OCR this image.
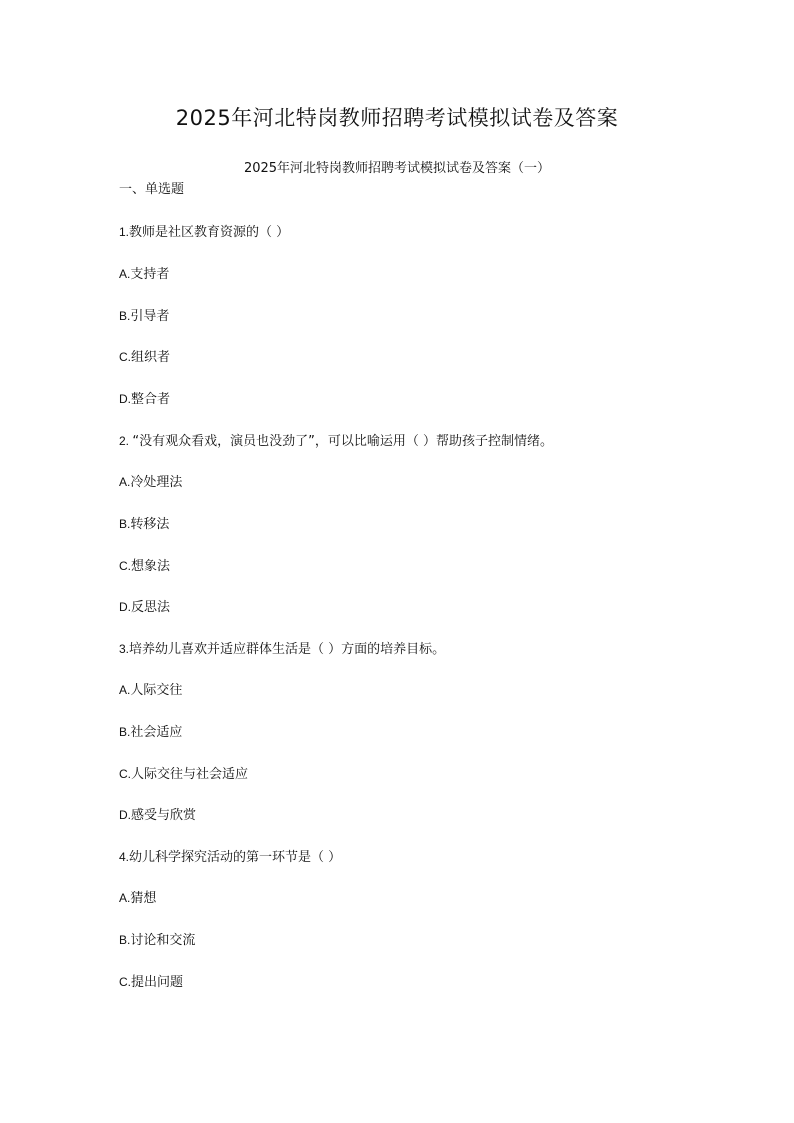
2025年河北特岗教师招聘考试模拟试卷及答案
2025年河北特岗教师招聘考试模拟试卷及答案（一）
一、单选题
1.教师是社区教育资源的（ ）
A.支持者
B.引导者
C.组织者
D.整合者
2. “没有观众看戏，演员也没劲了”，可以比喻运用（ ）帮助孩子控制情绪。
A.冷处理法
B.转移法
C.想象法
D.反思法
3.培养幼儿喜欢并适应群体生活是（ ）方面的培养目标。
A.人际交往
B.社会适应
C.人际交往与社会适应
D.感受与欣赏
4.幼儿科学探究活动的第一环节是（ ）
A.猜想
B.讨论和交流
C.提出问题
